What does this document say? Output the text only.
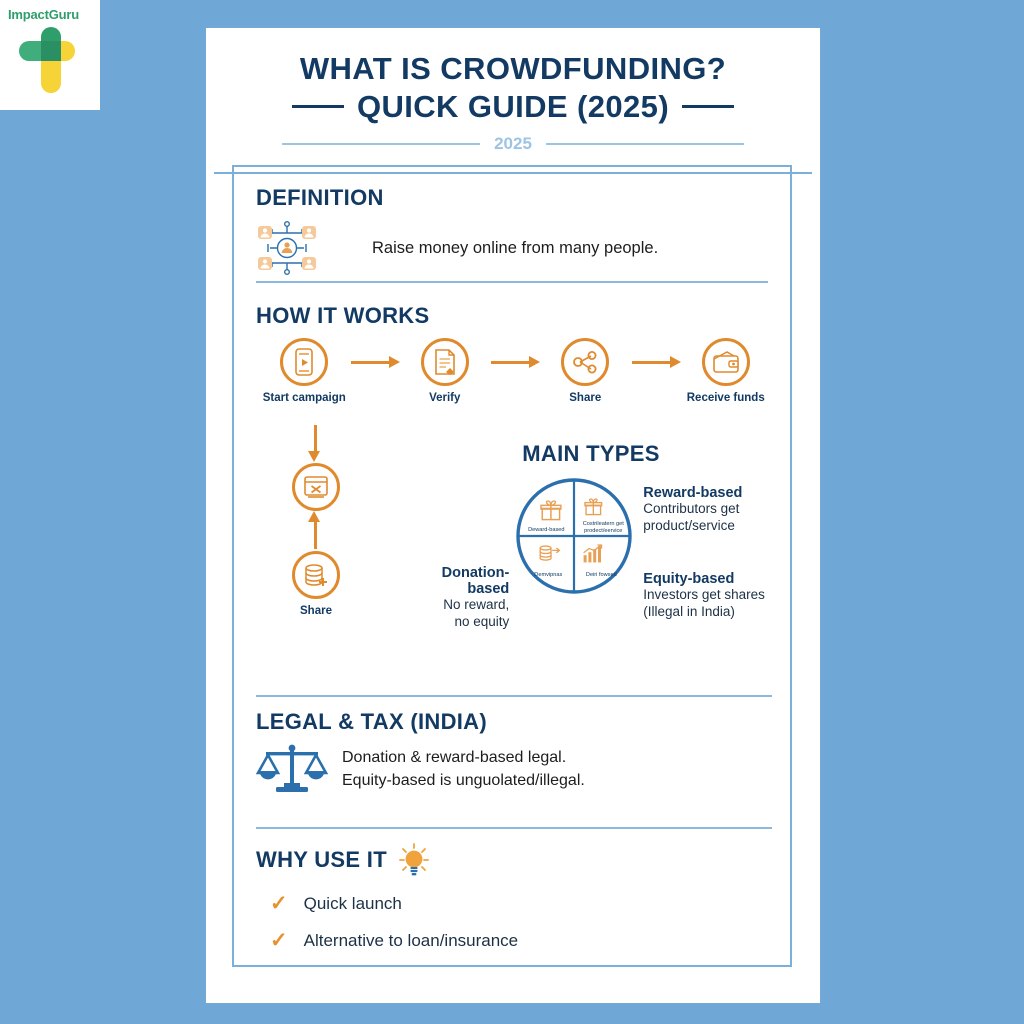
ImpactGuru
WHAT IS CROWDFUNDING?
QUICK GUIDE (2025)
2025
DEFINITION
Raise money online from many people.
HOW IT WORKS
Start campaign	Verify	Share	Receive funds
Share
MAIN TYPES
Donation-based
No reward,
no equity
Deward-based
Costrileatern get prodect/eervice
Demvipnas	Deiri fowsed
Reward-based
Contributors get
product/service
Equity-based
Investors get shares
(Illegal in India)
LEGAL & TAX (INDIA)
Donation & reward-based legal.
Equity-based is unguolated/illegal.
WHY USE IT
✓ Quick launch
✓ Alternative to loan/insurance
